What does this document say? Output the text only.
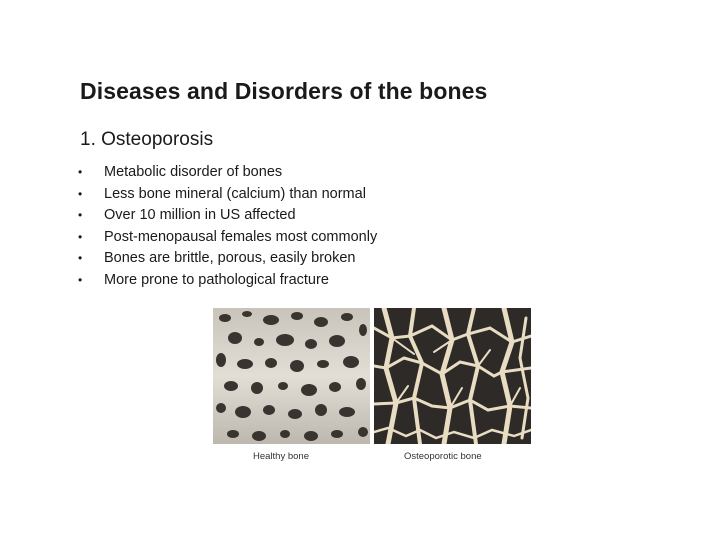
Diseases and Disorders of the bones
1. Osteoporosis
•	Metabolic disorder of bones
•	Less bone mineral (calcium) than normal
•	Over 10 million in US affected
•	Post-menopausal females most commonly
•	Bones are brittle, porous, easily broken
•	More prone to pathological fracture
Healthy bone	Osteoporotic bone
